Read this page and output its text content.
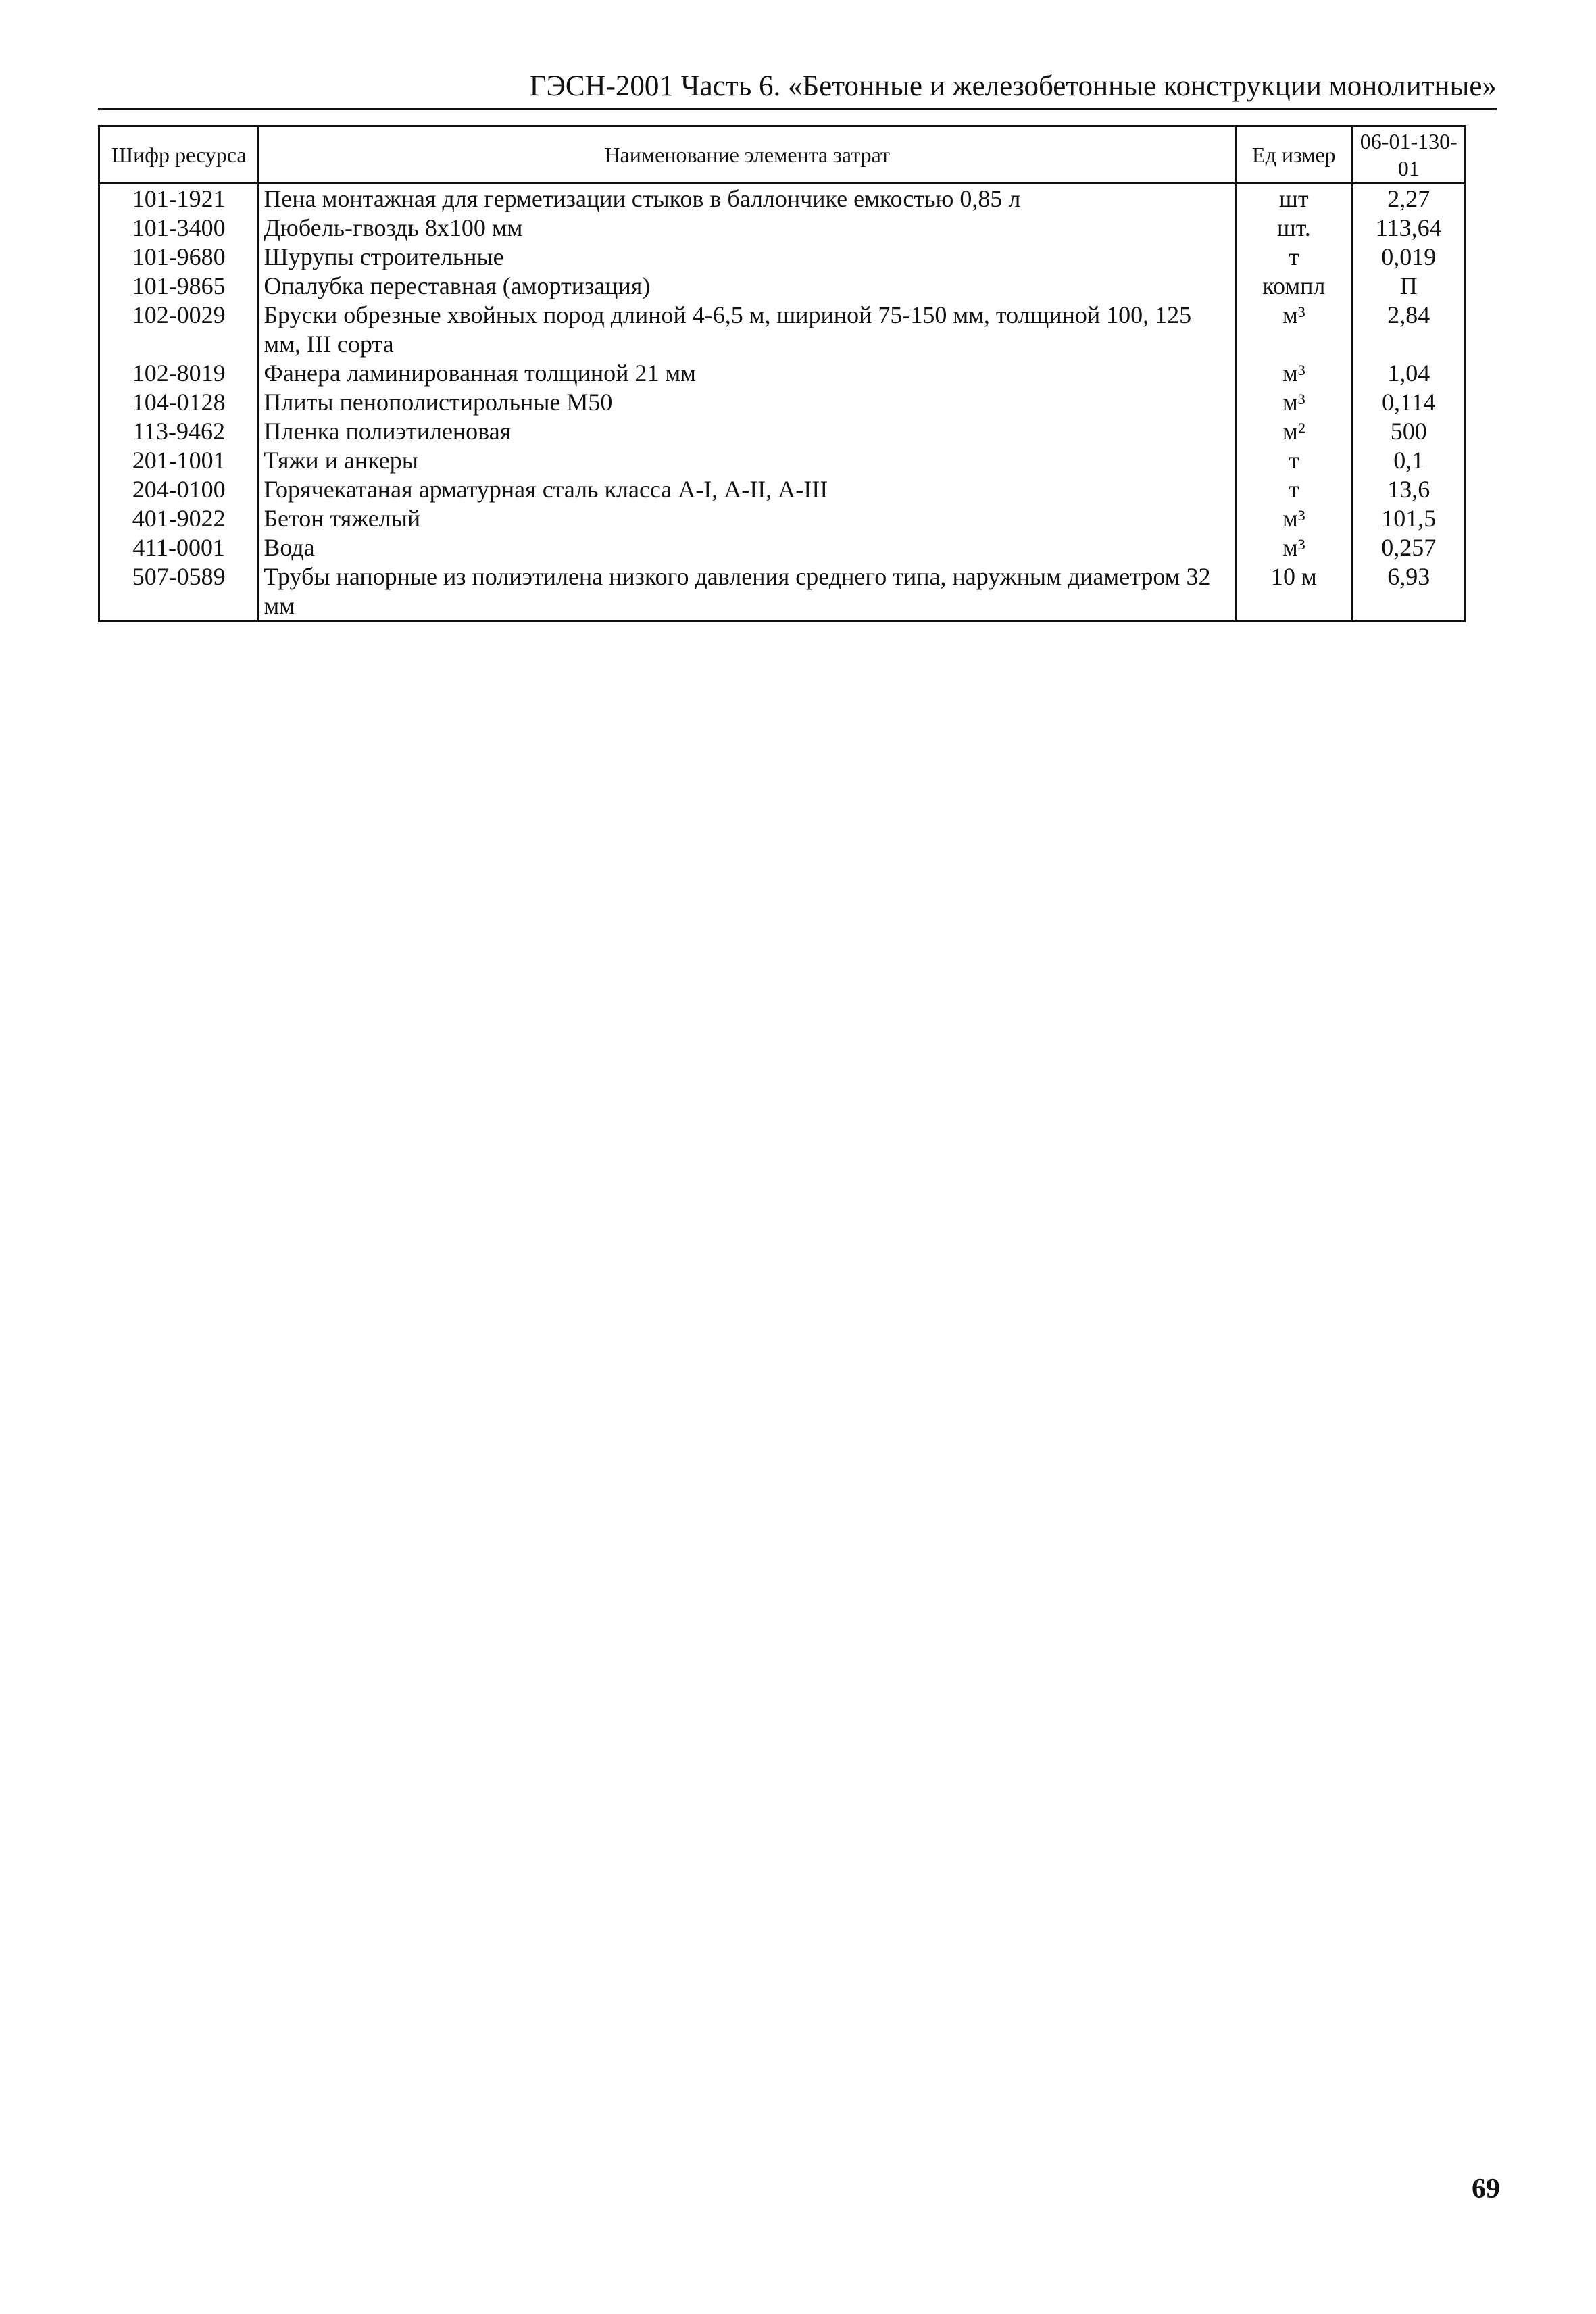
ГЭСН-2001 Часть 6. «Бетонные и железобетонные конструкции монолитные»
Шифр ресурса	Наименование элемента затрат	Ед измер	06-01-130-01
101-1921	Пена монтажная для герметизации стыков в баллончике емкостью 0,85 л	шт	2,27
101-3400	Дюбель-гвоздь 8х100 мм	шт.	113,64
101-9680	Шурупы строительные	т	0,019
101-9865	Опалубка переставная (амортизация)	компл	П
102-0029	Бруски обрезные хвойных пород длиной 4-6,5 м, шириной 75-150 мм, толщиной 100, 125 мм, III сорта	м³	2,84
102-8019	Фанера ламинированная толщиной 21 мм	м³	1,04
104-0128	Плиты пенополистирольные М50	м³	0,114
113-9462	Пленка полиэтиленовая	м²	500
201-1001	Тяжи и анкеры	т	0,1
204-0100	Горячекатаная арматурная сталь класса А-I, А-II, А-III	т	13,6
401-9022	Бетон тяжелый	м³	101,5
411-0001	Вода	м³	0,257
507-0589	Трубы напорные из полиэтилена низкого давления среднего типа, наружным диаметром 32 мм	10 м	6,93
69
